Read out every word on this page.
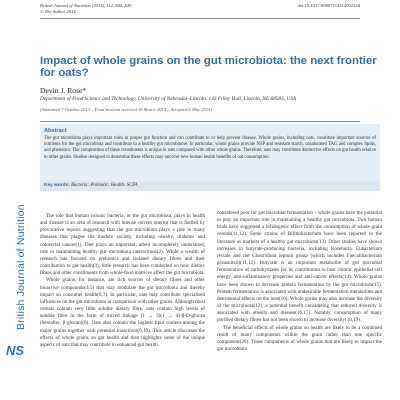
NS
British Journal of Nutrition
British Journal of Nutrition (2014), 112, S44–S49
© The Author 2014
doi:10.1017/S0007114514002244
Impact of whole grains on the gut microbiota: the next frontier for oats?
Devin J. Rose*
Department of Food Science and Technology, University of Nebraska–Lincoln, 143 Filley Hall, Lincoln, NE 68583, USA
(Submitted 7 October 2013 – Final revision received 18 March 2014 – Accepted 6 May 2014)
Abstract
The gut microbiota plays important roles in proper gut function and can contribute to or help prevent disease. Whole grains, including oats, constitute important sources of nutrients for the gut microbiota and contribute to a healthy gut microbiome. In particular, whole grains provide NSP and resistant starch, unsaturated TAG and complex lipids, and phenolics. The composition of these constituents is unique in oats compared with other whole grains. Therefore, oats may contribute distinctive effects on gut health relative to other grains. Studies designed to determine these effects may uncover new human health benefits of oat consumption.
Key words: Bacteria: Prebiotic: Health: SCFA

The role that human colonic bacteria, or the gut microbiota, plays in health and disease is an area of research with intense current interest that is fuelled by provocative reports suggesting that the gut microbiota plays a role in many diseases that plague the modern society, including obesity, diabetes and colorectal cancer(1). Diet plays an important, albeit incompletely understood, role in maintaining healthy gut–microbiota interactions(2). While a wealth of research has focused on prebiotics and isolated dietary fibres and their contribution to gut health(3), little research has been conducted on how dietary fibres and other constituents from whole-food matrices affect the gut microbiota.

Whole grains, for instance, are rich sources of dietary fibres and other bioactive compounds(4,5) that may modulate the gut microbiota and thereby impact on consumer health(6,7). In particular, oats may contribute specialised influences on the gut microbiota in comparison with other grains. Although most cereals contain very little soluble dietary fibre, oats contain high levels of soluble fibre in the form of mixed linkage (1 → 3)(1 → 4)-β-D-glucan (hereafter, β-glucan)(8). Oats also contain the highest lipid content among the major grains together with potential bioactives(9,10). This article discusses the effects of whole grains on gut health and then highlights some of the unique aspects of oats that may contribute to enhanced gut health.

considered poor for gut microbial fermentation – whole grains have the potential to play an important role in maintaining a healthy gut microbiota. Two human trials have suggested a bifidogenic effect from the consumption of whole-grain cereals(11,12). Some strains of Bifidobacterium have been reported in the literature as markers of a healthy gut microbiota(13). Other studies have shown increases in butyrate-producing bacteria, including Roseburia, Eubacterium rectale and the Clostridium leptum group (which includes Faecalibacterium prausnitzii)(11,12). Butyrate is an important metabolite of gut microbial fermentation of carbohydrates for its contribution to host colonic epithelial cell energy, anti-inflammatory properties and anti-cancer effects(14). Whole grains have been shown to decrease protein fermentation by the gut microbiota(15). Protein fermentation is associated with undesirable fermentation metabolites and detrimental effects on the host(16). Whole grains may also increase the diversity of the microbiota(12), a potential benefit considering that reduced diversity is associated with obesity and disease(16,17). Notably, consumption of many purified dietary fibres has not been shown to increase diversity(18,19).

The beneficial effects of whole grains on health are likely to be a combined result of many components within the grain rather than one specific component(20). Three components of whole grains that are likely to impact the gut microbiota
